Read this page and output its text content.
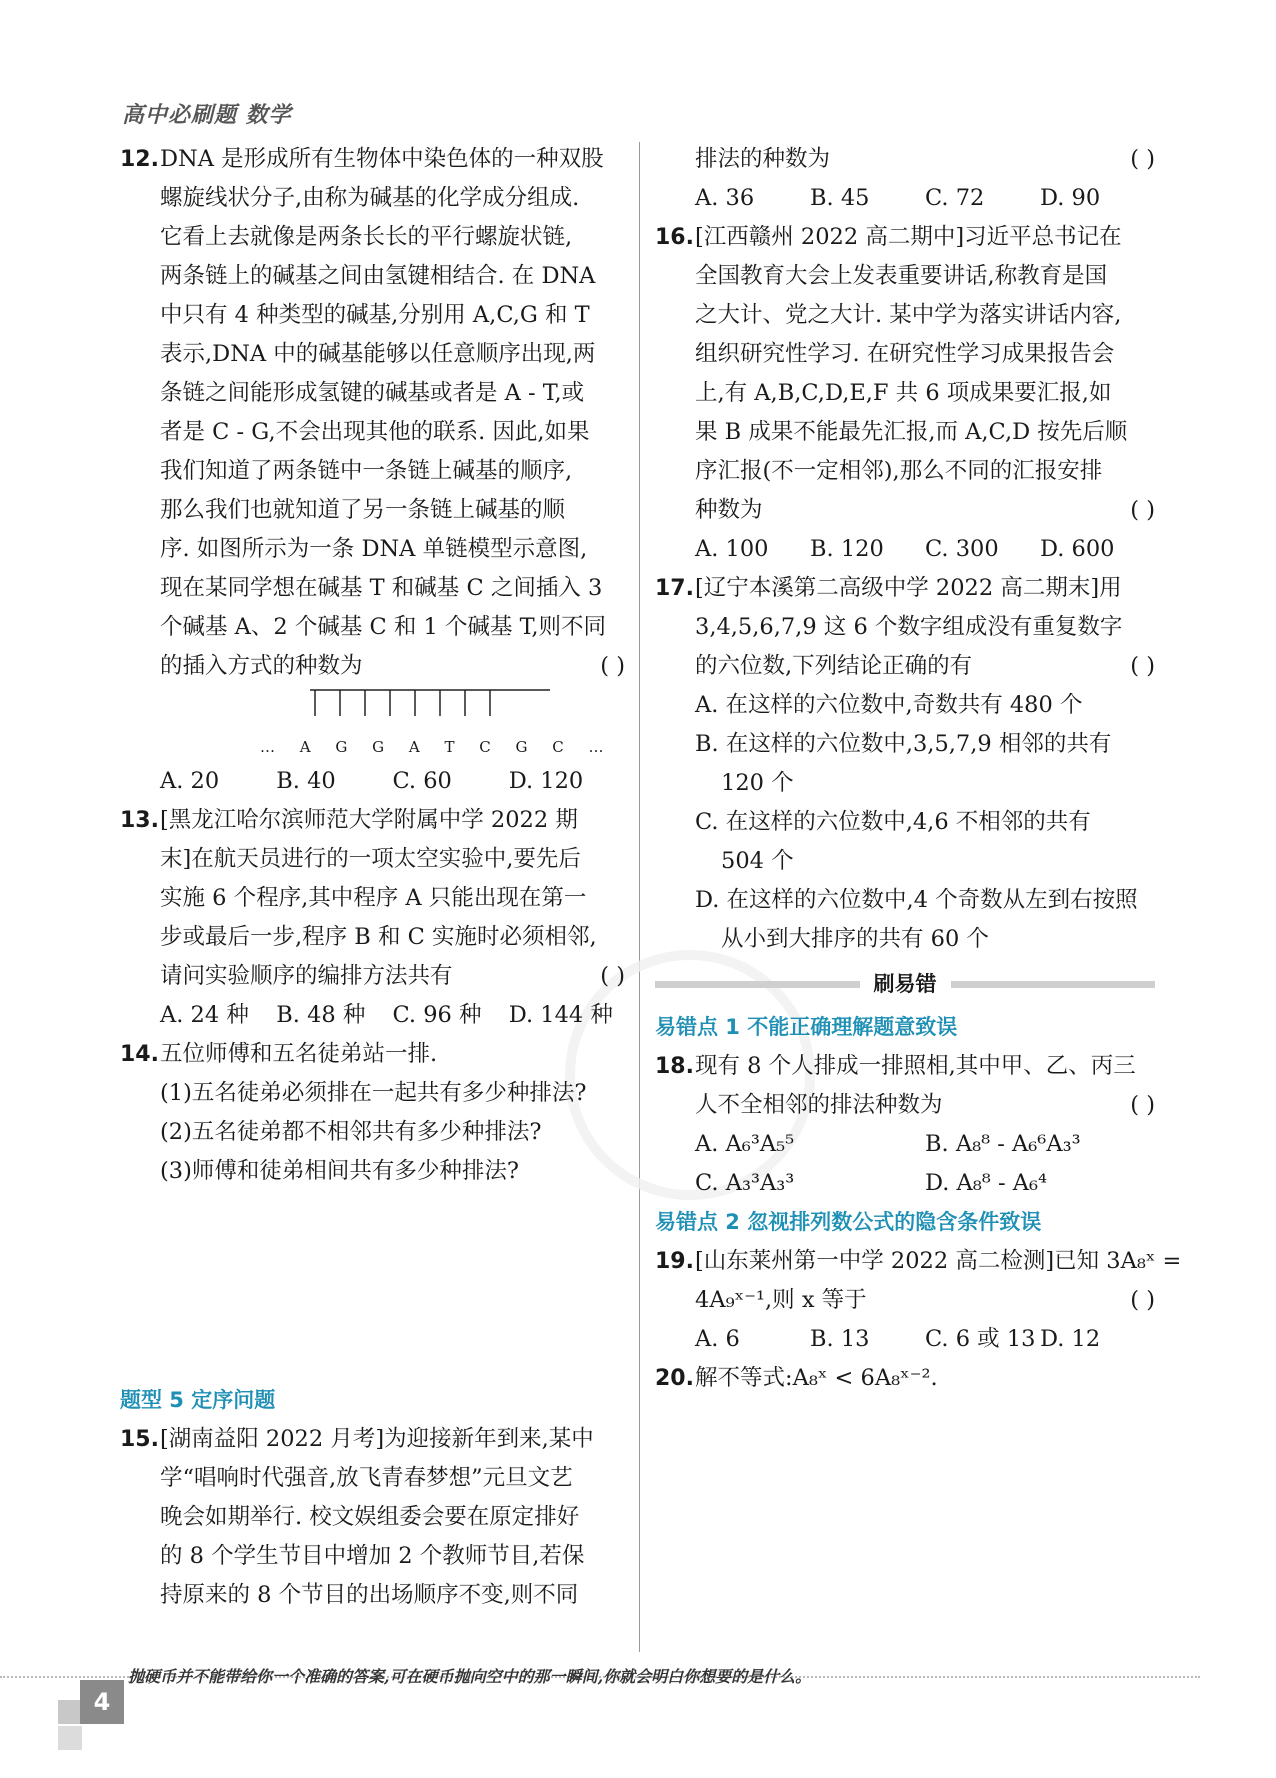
高中必刷题 数学
12. DNA 是形成所有生物体中染色体的一种双股
螺旋线状分子,由称为碱基的化学成分组成.
它看上去就像是两条长长的平行螺旋状链,
两条链上的碱基之间由氢键相结合. 在 DNA
中只有 4 种类型的碱基,分别用 A,C,G 和 T
表示,DNA 中的碱基能够以任意顺序出现,两
条链之间能形成氢键的碱基或者是 A - T,或
者是 C - G,不会出现其他的联系. 因此,如果
我们知道了两条链中一条链上碱基的顺序,
那么我们也就知道了另一条链上碱基的顺
序. 如图所示为一条 DNA 单链模型示意图,
现在某同学想在碱基 T 和碱基 C 之间插入 3
个碱基 A、2 个碱基 C 和 1 个碱基 T,则不同
的插入方式的种数为	( )
… A G G A T C G C …
A. 20	B. 40	C. 60	D. 120
13. [黑龙江哈尔滨师范大学附属中学 2022 期
末]在航天员进行的一项太空实验中,要先后
实施 6 个程序,其中程序 A 只能出现在第一
步或最后一步,程序 B 和 C 实施时必须相邻,
请问实验顺序的编排方法共有	( )
A. 24 种	B. 48 种	C. 96 种	D. 144 种
14. 五位师傅和五名徒弟站一排.
(1)五名徒弟必须排在一起共有多少种排法?
(2)五名徒弟都不相邻共有多少种排法?
(3)师傅和徒弟相间共有多少种排法?
题型 5 定序问题
15. [湖南益阳 2022 月考]为迎接新年到来,某中
学“唱响时代强音,放飞青春梦想”元旦文艺
晚会如期举行. 校文娱组委会要在原定排好
的 8 个学生节目中增加 2 个教师节目,若保
持原来的 8 个节目的出场顺序不变,则不同
排法的种数为	( )
A. 36	B. 45	C. 72	D. 90
16. [江西赣州 2022 高二期中]习近平总书记在
全国教育大会上发表重要讲话,称教育是国
之大计、党之大计. 某中学为落实讲话内容,
组织研究性学习. 在研究性学习成果报告会
上,有 A,B,C,D,E,F 共 6 项成果要汇报,如
果 B 成果不能最先汇报,而 A,C,D 按先后顺
序汇报(不一定相邻),那么不同的汇报安排
种数为	( )
A. 100	B. 120	C. 300	D. 600
17. [辽宁本溪第二高级中学 2022 高二期末]用
3,4,5,6,7,9 这 6 个数字组成没有重复数字
的六位数,下列结论正确的有	( )
A. 在这样的六位数中,奇数共有 480 个
B. 在这样的六位数中,3,5,7,9 相邻的共有 120 个
C. 在这样的六位数中,4,6 不相邻的共有 504 个
D. 在这样的六位数中,4 个奇数从左到右按照从小到大排序的共有 60 个
刷易错
易错点 1 不能正确理解题意致误
18. 现有 8 个人排成一排照相,其中甲、乙、丙三
人不全相邻的排法种数为	( )
A. A₆³A₅⁵	B. A₈⁸ - A₆⁶A₃³
C. A₃³A₃³	D. A₈⁸ - A₆⁴
易错点 2 忽视排列数公式的隐含条件致误
19. [山东莱州第一中学 2022 高二检测]已知 3A₈ˣ =
4A₉ˣ⁻¹,则 x 等于	( )
A. 6	B. 13	C. 6 或 13 D. 12
20. 解不等式:A₈ˣ < 6A₈ˣ⁻².
4
抛硬币并不能带给你一个准确的答案,可在硬币抛向空中的那一瞬间,你就会明白你想要的是什么。
